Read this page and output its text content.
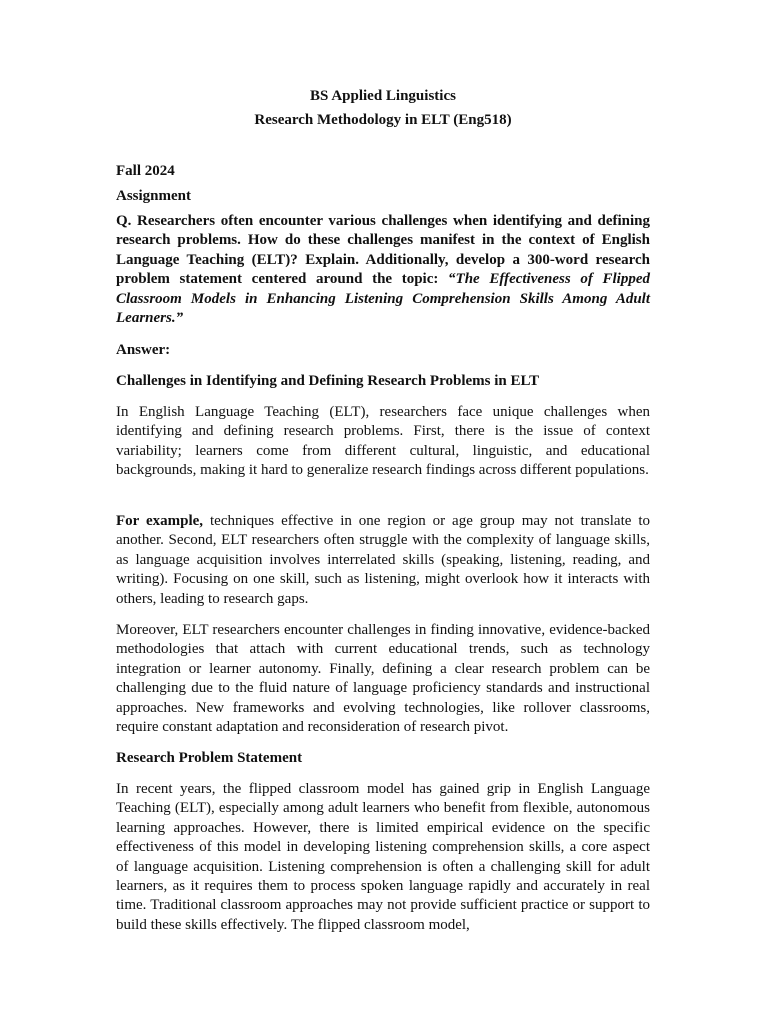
BS Applied Linguistics

Research Methodology in ELT (Eng518)

Fall 2024

Assignment

Q. Researchers often encounter various challenges when identifying and defining research problems. How do these challenges manifest in the context of English Language Teaching (ELT)? Explain. Additionally, develop a 300-word research problem statement centered around the topic: “The Effectiveness of Flipped Classroom Models in Enhancing Listening Comprehension Skills Among Adult Learners.”

Answer:

Challenges in Identifying and Defining Research Problems in ELT

In English Language Teaching (ELT), researchers face unique challenges when identifying and defining research problems. First, there is the issue of context variability; learners come from different cultural, linguistic, and educational backgrounds, making it hard to generalize research findings across different populations.

For example, techniques effective in one region or age group may not translate to another. Second, ELT researchers often struggle with the complexity of language skills, as language acquisition involves interrelated skills (speaking, listening, reading, and writing). Focusing on one skill, such as listening, might overlook how it interacts with others, leading to research gaps.

Moreover, ELT researchers encounter challenges in finding innovative, evidence-backed methodologies that attach with current educational trends, such as technology integration or learner autonomy. Finally, defining a clear research problem can be challenging due to the fluid nature of language proficiency standards and instructional approaches. New frameworks and evolving technologies, like rollover classrooms, require constant adaptation and reconsideration of research pivot.

Research Problem Statement

In recent years, the flipped classroom model has gained grip in English Language Teaching (ELT), especially among adult learners who benefit from flexible, autonomous learning approaches. However, there is limited empirical evidence on the specific effectiveness of this model in developing listening comprehension skills, a core aspect of language acquisition. Listening comprehension is often a challenging skill for adult learners, as it requires them to process spoken language rapidly and accurately in real time. Traditional classroom approaches may not provide sufficient practice or support to build these skills effectively. The flipped classroom model,
